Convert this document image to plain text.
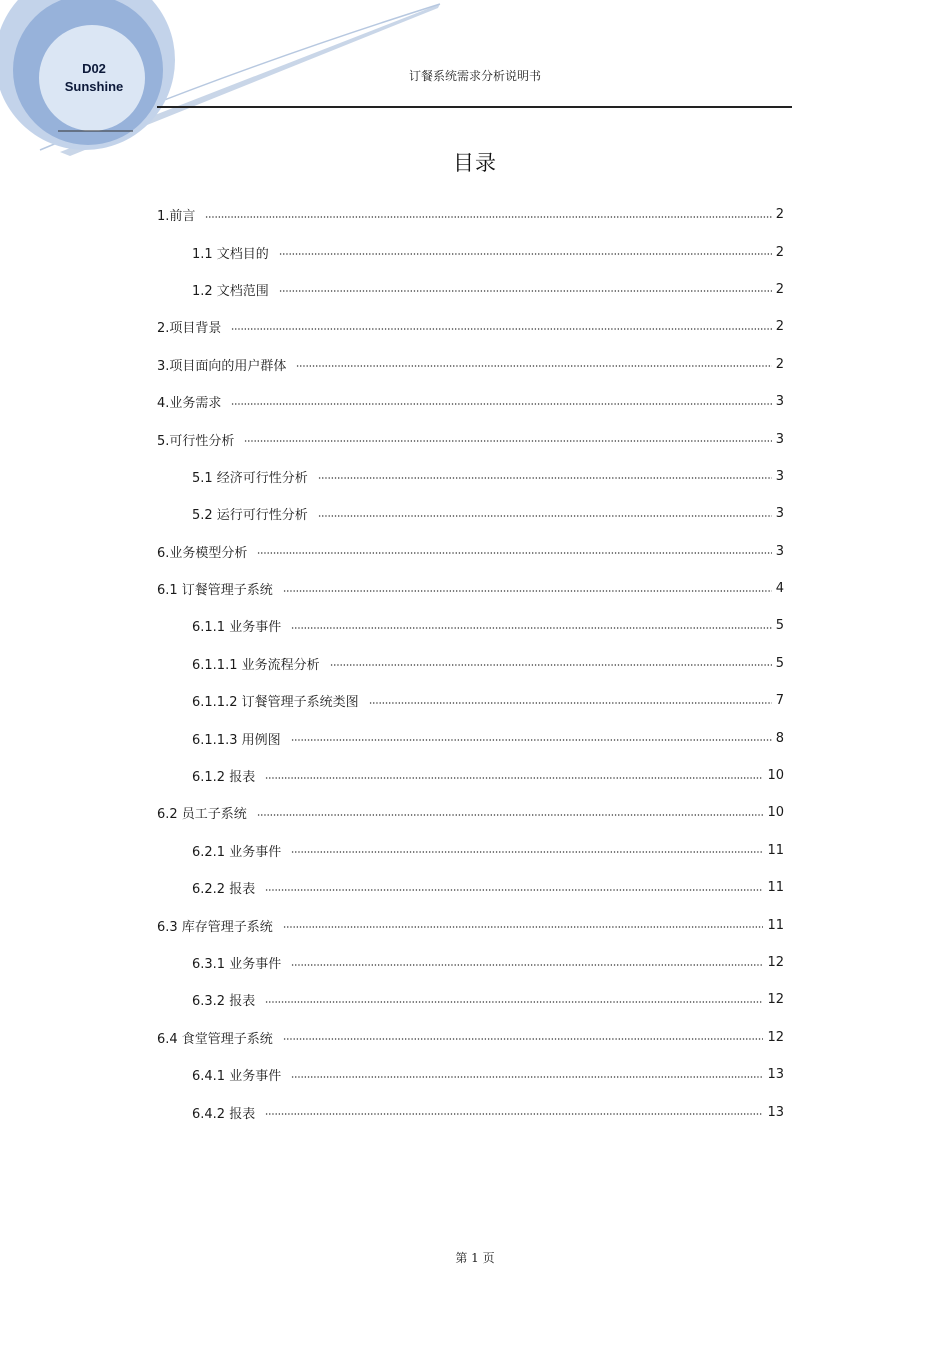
D02
Sunshine
订餐系统需求分析说明书
目录
1.前言	2
1.1 文档目的	2
1.2 文档范围	2
2.项目背景	2
3.项目面向的用户群体	2
4.业务需求	3
5.可行性分析	3
5.1 经济可行性分析	3
5.2 运行可行性分析	3
6.业务模型分析	3
6.1 订餐管理子系统	4
6.1.1 业务事件	5
6.1.1.1 业务流程分析	5
6.1.1.2 订餐管理子系统类图	7
6.1.1.3 用例图	8
6.1.2 报表	10
6.2 员工子系统	10
6.2.1 业务事件	11
6.2.2 报表	11
6.3 库存管理子系统	11
6.3.1 业务事件	12
6.3.2 报表	12
6.4 食堂管理子系统	12
6.4.1 业务事件	13
6.4.2 报表	13
第 1 页
